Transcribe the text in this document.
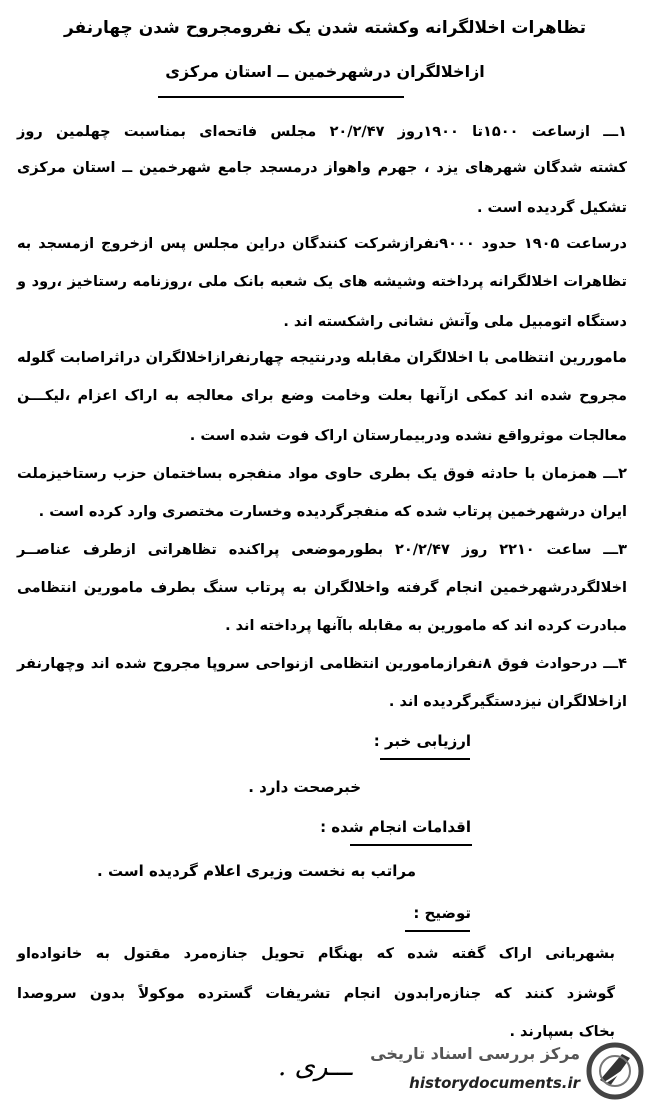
تظاهرات اخلالگرانه وکشته شدن یک نفرومجروح شدن چهارنفر
ازاخلالگران درشهرخمین ــ استان مرکزی
۱ـــ ازساعت ۱۵۰۰تا ۱۹۰۰روز ۲۰/۲/۴۷ مجلس فاتحه‌ای بمناسبت چهلمین روز
کشته شدگان شهرهای یزد ، جهرم واهواز درمسجد جامع شهرخمین ــ استان مرکزی
تشکیل گردیده است .
درساعت ۱۹۰۵ حدود ۹۰۰۰نفرازشرکت کنندگان دراین مجلس پس ازخروج ازمسجد به
تظاهرات اخلالگرانه پرداخته وشیشه های یک شعبه بانک ملی ،روزنامه رستاخیز ،رود و
دستگاه اتومبیل ملی وآتش نشانی راشکسته اند .
ماموررین انتظامی با اخلالگران مقابله ودرنتیجه چهارنفرازاخلالگران دراثراصابت گلوله
مجروح شده اند کمکی ازآنها بعلت وخامت وضع برای معالجه به اراک اعزام ،لیکـــن
معالجات موثرواقع نشده ودربیمارستان اراک فوت شده است .
۲ـــ همزمان با حادثه فوق یک بطری حاوی مواد منفجره بساختمان حزب رستاخیزملت
ایران درشهرخمین پرتاب شده که منفجرگردیده وخسارت مختصری وارد کرده است .
۳ـــ ساعت ۲۲۱۰ روز ۲۰/۲/۴۷ بطورموضعی پراکنده تظاهراتی ازطرف عناصــر
اخلالگردرشهرخمین انجام گرفته واخلالگران به پرتاب سنگ بطرف مامورین انتظامی
مبادرت کرده اند که مامورین به مقابله باآنها پرداخته اند .
۴ـــ درحوادث فوق ۸نفرازمامورین انتظامی ازنواحی سروپا مجروح شده اند وچهارنفر
ازاخلالگران نیزدستگیرگردیده اند .
ارزیابی خبر :
خبرصحت دارد .
اقدامات انجام شده :
مراتب به نخست وزیری اعلام گردیده است .
توضیح :
بشهربانی اراک گفته شده که بهنگام تحویل جنازه‌مرد مقتول به خانواده‌او
گوشزد کنند که جنازه‌رابدون انجام تشریفات گسترده موکولاً بدون سروصدا
بخاک بسپارند .
ـــری . مرکز بررسی اسناد تاریخی
historydocuments.ir
